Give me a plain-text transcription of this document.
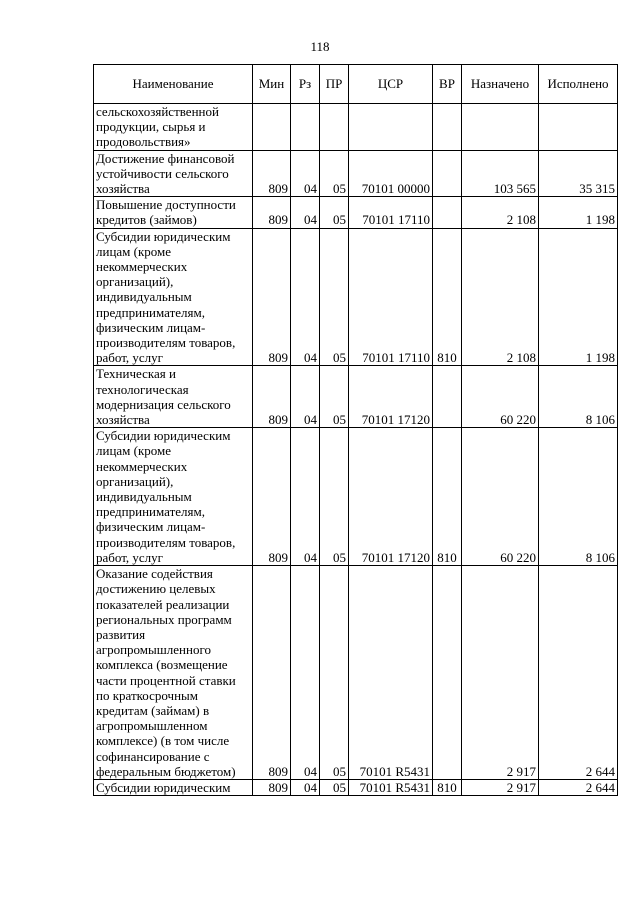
118
Наименование	Мин	Рз	ПР	ЦСР	ВР	Назначено	Исполнено
сельскохозяйственной продукции, сырья и продовольствия»							
Достижение финансовой устойчивости сельского хозяйства	809	04	05	70101 00000		103 565	35 315
Повышение доступности кредитов (займов)	809	04	05	70101 17110		2 108	1 198
Субсидии юридическим лицам (кроме некоммерческих организаций), индивидуальным предпринимателям, физическим лицам-производителям товаров, работ, услуг	809	04	05	70101 17110	810	2 108	1 198
Техническая и технологическая модернизация сельского хозяйства	809	04	05	70101 17120		60 220	8 106
Субсидии юридическим лицам (кроме некоммерческих организаций), индивидуальным предпринимателям, физическим лицам-производителям товаров, работ, услуг	809	04	05	70101 17120	810	60 220	8 106
Оказание содействия достижению целевых показателей реализации региональных программ развития агропромышленного комплекса (возмещение части процентной ставки по краткосрочным кредитам (займам) в агропромышленном комплексе) (в том числе софинансирование с федеральным бюджетом)	809	04	05	70101 R5431		2 917	2 644
Субсидии юридическим	809	04	05	70101 R5431	810	2 917	2 644
